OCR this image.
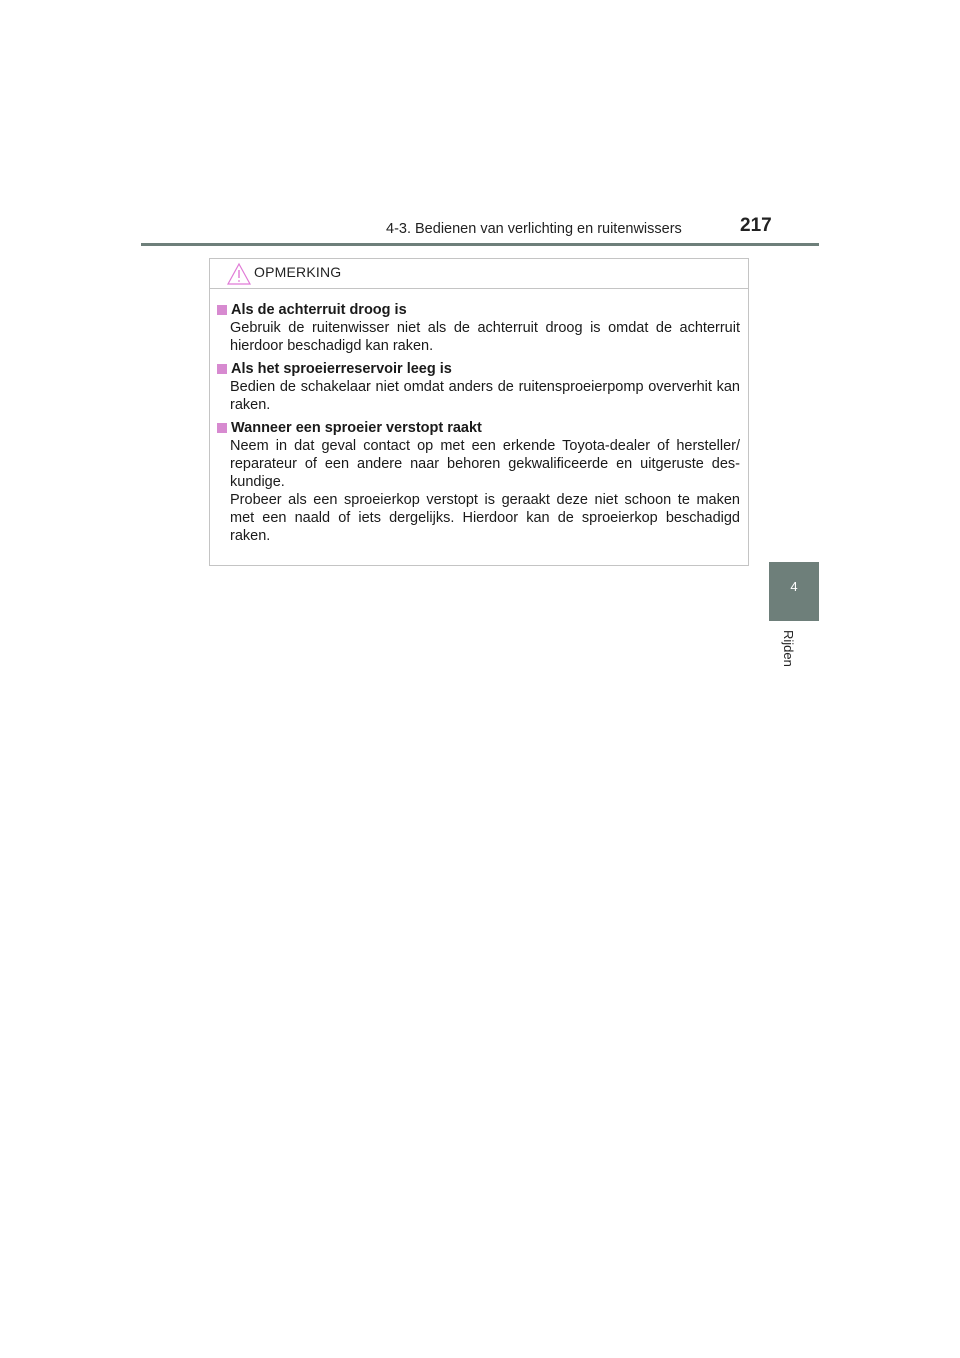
4-3. Bedienen van verlichting en ruitenwissers	217
4
Rijden
OPMERKING
Als de achterruit droog is

Gebruik de ruitenwisser niet als de achterruit droog is omdat de achterruit hierdoor beschadigd kan raken.

Als het sproeierreservoir leeg is

Bedien de schakelaar niet omdat anders de ruitensproeierpomp oververhit kan raken.

Wanneer een sproeier verstopt raakt

Neem in dat geval contact op met een erkende Toyota-dealer of hersteller/ reparateur of een andere naar behoren gekwalificeerde en uitgeruste des- kundige.

Probeer als een sproeierkop verstopt is geraakt deze niet schoon te maken met een naald of iets dergelijks. Hierdoor kan de sproeierkop beschadigd raken.
